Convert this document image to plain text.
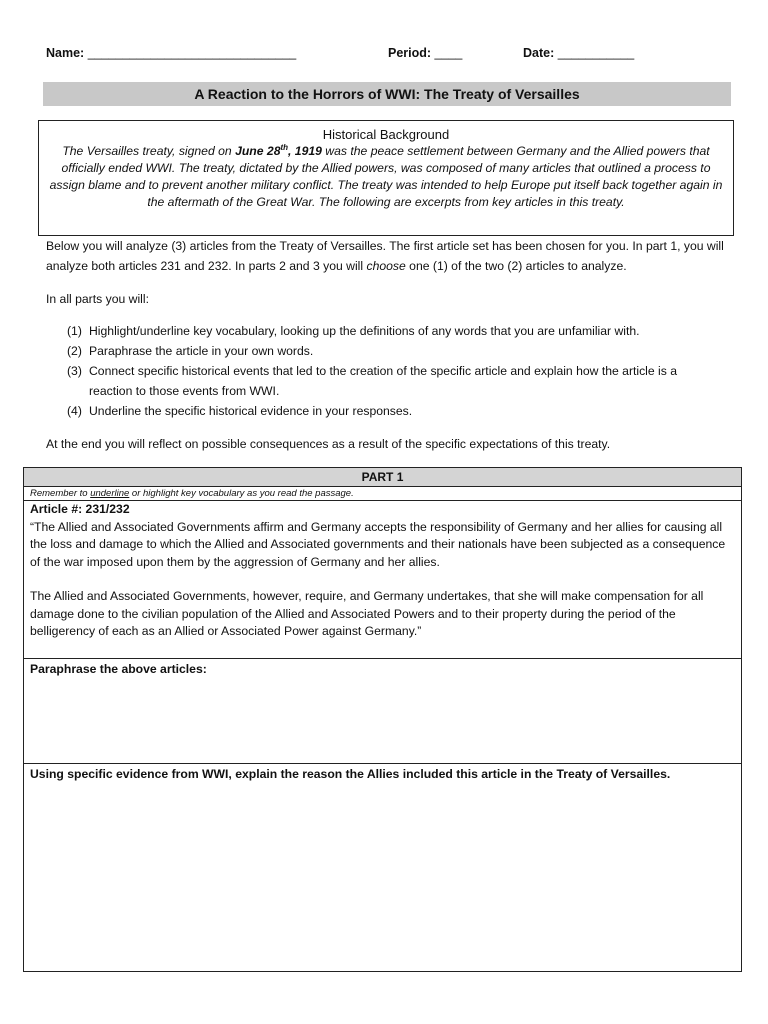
Name: ______________________________	Period: ____	Date: ___________
A Reaction to the Horrors of WWI: The Treaty of Versailles
Historical Background
The Versailles treaty, signed on June 28th, 1919 was the peace settlement between Germany and the Allied powers that officially ended WWI. The treaty, dictated by the Allied powers, was composed of many articles that outlined a process to assign blame and to prevent another military conflict. The treaty was intended to help Europe put itself back together again in the aftermath of the Great War. The following are excerpts from key articles in this treaty.
Below you will analyze (3) articles from the Treaty of Versailles. The first article set has been chosen for you. In part 1, you will analyze both articles 231 and 232. In parts 2 and 3 you will choose one (1) of the two (2) articles to analyze.
In all parts you will:
(1) Highlight/underline key vocabulary, looking up the definitions of any words that you are unfamiliar with.
(2) Paraphrase the article in your own words.
(3) Connect specific historical events that led to the creation of the specific article and explain how the article is a reaction to those events from WWI.
(4) Underline the specific historical evidence in your responses.
At the end you will reflect on possible consequences as a result of the specific expectations of this treaty.
PART 1
Remember to underline or highlight key vocabulary as you read the passage.
Article #: 231/232
“The Allied and Associated Governments affirm and Germany accepts the responsibility of Germany and her allies for causing all the loss and damage to which the Allied and Associated governments and their nationals have been subjected as a consequence of the war imposed upon them by the aggression of Germany and her allies.
The Allied and Associated Governments, however, require, and Germany undertakes, that she will make compensation for all damage done to the civilian population of the Allied and Associated Powers and to their property during the period of the belligerency of each as an Allied or Associated Power against Germany.”
Paraphrase the above articles:
Using specific evidence from WWI, explain the reason the Allies included this article in the Treaty of Versailles.
